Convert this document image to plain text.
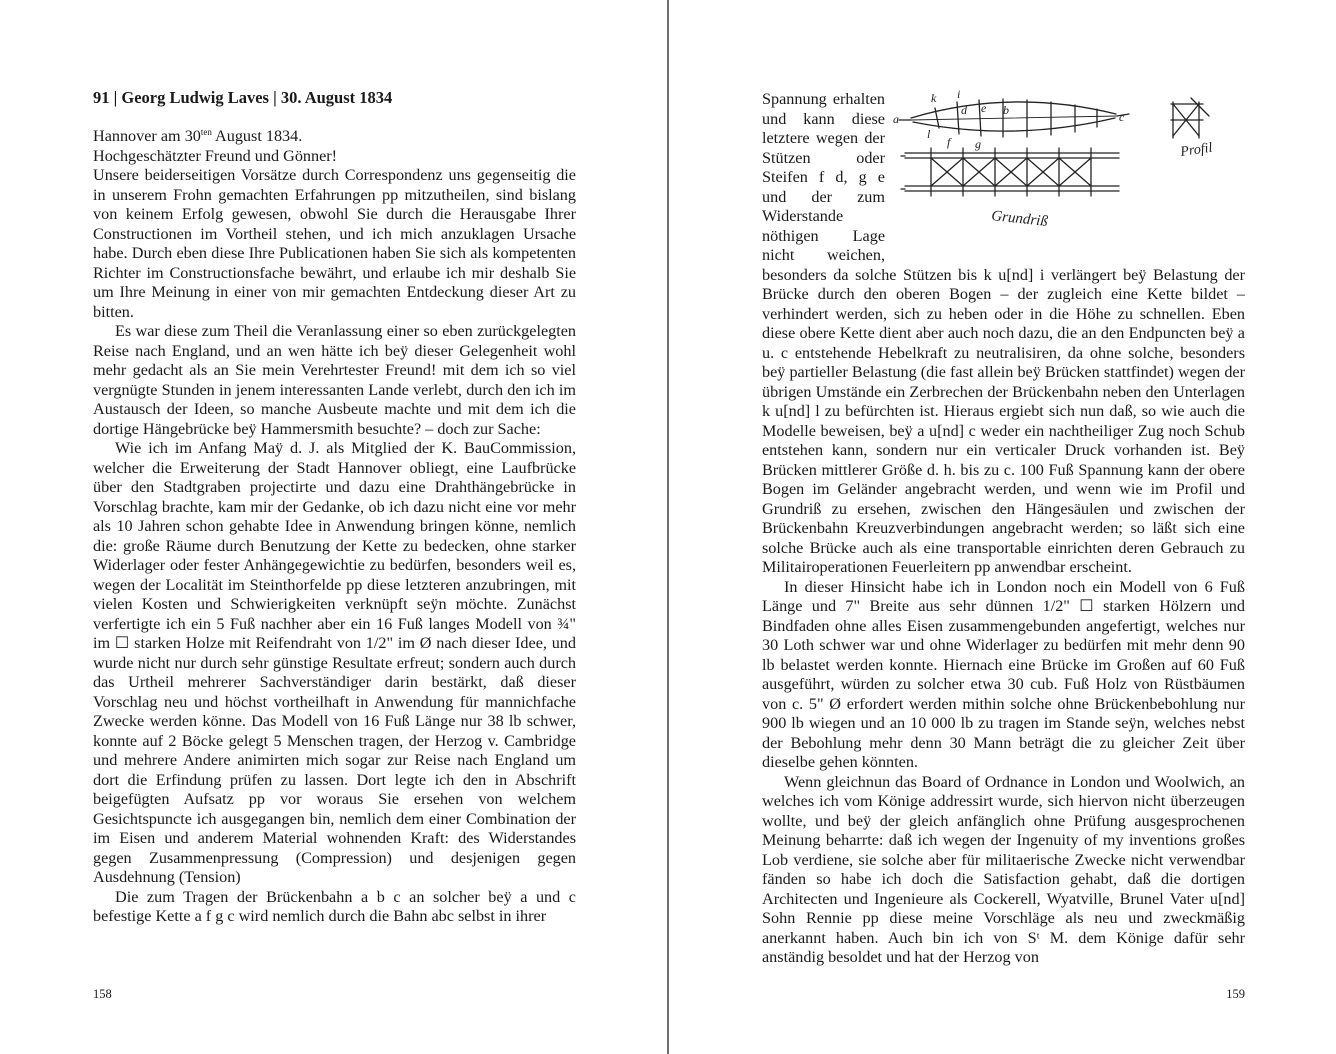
91 | Georg Ludwig Laves | 30. August 1834

Hannover am $30^{ten}$ August 1834.

Hochgeschätzter Freund und Gönner!

Unsere beiderseitigen Vorsätze durch Correspondenz uns gegenseitig die in unserem Frohn gemachten Erfahrungen pp mitzutheilen, sind bislang von keinem Erfolg gewesen, obwohl Sie durch die Herausgabe Ihrer Constructionen im Vortheil stehen, und ich mich anzuklagen Ursache habe. Durch eben diese Ihre Publicationen haben Sie sich als kompetenten Richter im Constructionsfache bewährt, und erlaube ich mir deshalb Sie um Ihre Meinung in einer von mir gemachten Entdeckung dieser Art zu bitten.

Es war diese zum Theil die Veranlassung einer so eben zurückgelegten Reise nach England, und an wen hätte ich beÿ dieser Gelegenheit wohl mehr gedacht als an Sie mein Verehrtester Freund! mit dem ich so viel vergnügte Stunden in jenem interessanten Lande verlebt, durch den ich im Austausch der Ideen, so manche Ausbeute machte und mit dem ich die dortige Hängebrücke beÿ Hammersmith besuchte? – doch zur Sache:

Wie ich im Anfang Maÿ d. J. als Mitglied der K. BauCommission, welcher die Erweiterung der Stadt Hannover obliegt, eine Laufbrücke über den Stadtgraben projectirte und dazu eine Drahthängebrücke in Vorschlag brachte, kam mir der Gedanke, ob ich dazu nicht eine vor mehr als 10 Jahren schon gehabte Idee in Anwendung bringen könne, nemlich die: große Räume durch Benutzung der Kette zu bedecken, ohne starker Widerlager oder fester Anhängegewichtie zu bedürfen, besonders weil es, wegen der Localität im Steinthorfelde pp diese letzteren anzubringen, mit vielen Kosten und Schwierigkeiten verknüpft seÿn möchte. Zunächst verfertigte ich ein 5 Fuß nachher aber ein 16 Fuß langes Modell von ¾" im ☐ starken Holze mit Reifendraht von 1/2" im Ø nach dieser Idee, und wurde nicht nur durch sehr günstige Resultate erfreut; sondern auch durch das Urtheil mehrerer Sachverständiger darin bestärkt, daß dieser Vorschlag neu und höchst vortheilhaft in Anwendung für mannichfache Zwecke werden könne. Das Modell von 16 Fuß Länge nur 38 lb schwer, konnte auf 2 Böcke gelegt 5 Menschen tragen, der Herzog v. Cambridge und mehrere Andere animirten mich sogar zur Reise nach England um dort die Erfindung prüfen zu lassen. Dort legte ich den in Abschrift beigefügten Aufsatz pp vor woraus Sie ersehen von welchem Gesichtspuncte ich ausgegangen bin, nemlich dem einer Combination der im Eisen und anderem Material wohnenden Kraft: des Widerstandes gegen Zusammenpressung (Compression) und desjenigen gegen Ausdehnung (Tension)

Die zum Tragen der Brückenbahn a b c an solcher beÿ a und c befestige Kette a f g c wird nemlich durch die Bahn abc selbst in ihrer

158
a
b	c
d e
f g
i
k
l
Profil
Grundriß

Spannung erhalten und kann diese letztere wegen der Stützen oder Steifen f d, g e und der zum Widerstande nöthigen Lage nicht weichen, besonders da solche Stützen bis k u[nd] i verlängert beÿ Belastung der Brücke durch den oberen Bogen – der zugleich eine Kette bildet – verhindert werden, sich zu heben oder in die Höhe zu schnellen. Eben diese obere Kette dient aber auch noch dazu, die an den Endpuncten beÿ a u. c entstehende Hebelkraft zu neutralisiren, da ohne solche, besonders beÿ partieller Belastung (die fast allein beÿ Brücken stattfindet) wegen der übrigen Umstände ein Zerbrechen der Brückenbahn neben den Unterlagen k u[nd] l zu befürchten ist. Hieraus ergiebt sich nun daß, so wie auch die Modelle beweisen, beÿ a u[nd] c weder ein nachtheiliger Zug noch Schub entstehen kann, sondern nur ein verticaler Druck vorhanden ist. Beÿ Brücken mittlerer Größe d. h. bis zu c. 100 Fuß Spannung kann der obere Bogen im Geländer angebracht werden, und wenn wie im Profil und Grundriß zu ersehen, zwischen den Hängesäulen und zwischen der Brückenbahn Kreuzverbindungen angebracht werden; so läßt sich eine solche Brücke auch als eine transportable einrichten deren Gebrauch zu Militairoperationen Feuerleitern pp anwendbar erscheint.

In dieser Hinsicht habe ich in London noch ein Modell von 6 Fuß Länge und 7" Breite aus sehr dünnen 1/2" ☐ starken Hölzern und Bindfaden ohne alles Eisen zusammengebunden angefertigt, welches nur 30 Loth schwer war und ohne Widerlager zu bedürfen mit mehr denn 90 lb belastet werden konnte. Hiernach eine Brücke im Großen auf 60 Fuß ausgeführt, würden zu solcher etwa 30 cub. Fuß Holz von Rüstbäumen von c. 5" Ø erfordert werden mithin solche ohne Brückenbebohlung nur 900 lb wiegen und an 10 000 lb zu tragen im Stande seÿn, welches nebst der Bebohlung mehr denn 30 Mann beträgt die zu gleicher Zeit über dieselbe gehen könnten.

Wenn gleichnun das Board of Ordnance in London und Woolwich, an welches ich vom Könige addressirt wurde, sich hiervon nicht überzeugen wollte, und beÿ der gleich anfänglich ohne Prüfung ausgesprochenen Meinung beharrte: daß ich wegen der Ingenuity of my inventions großes Lob verdiene, sie solche aber für militaerische Zwecke nicht verwendbar fänden so habe ich doch die Satisfaction gehabt, daß die dortigen Architecten und Ingenieure als Cockerell, Wyatville, Brunel Vater u[nd] Sohn Rennie pp diese meine Vorschläge als neu und zweckmäßig anerkannt haben. Auch bin ich von Sᵗ M. dem Könige dafür sehr anständig besoldet und hat der Herzog von

159
